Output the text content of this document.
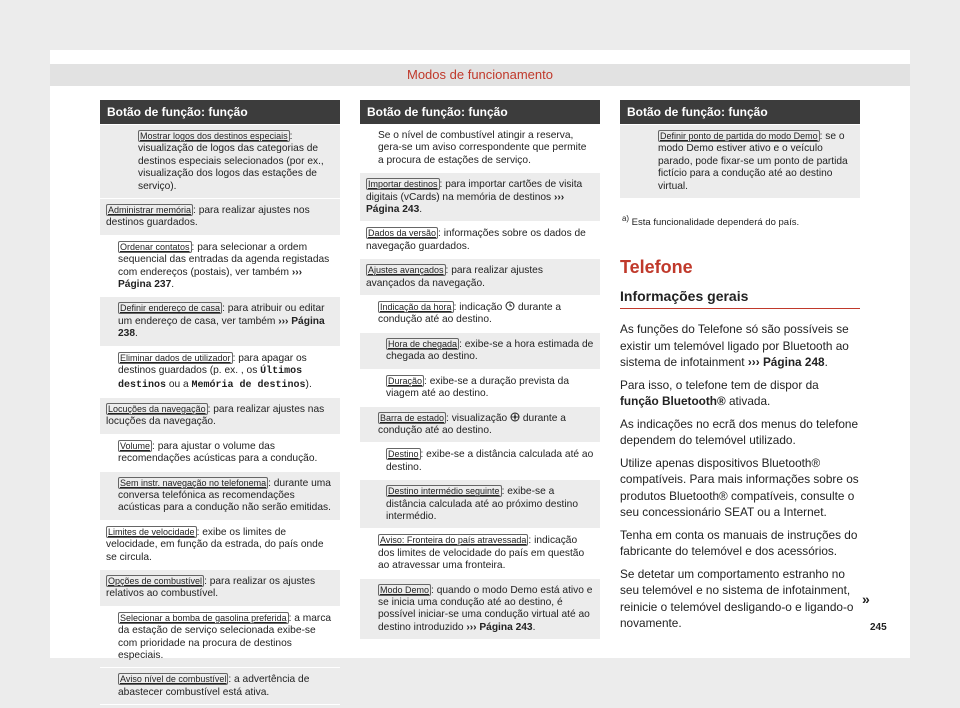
Modos de funcionamento
Botão de função: função
Mostrar logos dos destinos especiais : visualização de logos das categorias de destinos especiais selecionados (por ex., visualização dos logos das estações de serviço).
Administrar memória : para realizar ajustes nos destinos guardados.
Ordenar contatos : para selecionar a ordem sequencial das entradas da agenda registadas com endereços (postais), ver também ››› Página 237.
Definir endereço de casa : para atribuir ou editar um endereço de casa, ver também ››› Página 238.
Eliminar dados de utilizador : para apagar os destinos guardados (p. ex. , os Últimos destinos ou a Memória de destinos).
Locuções da navegação : para realizar ajustes nas locuções da navegação.
Volume : para ajustar o volume das recomendações acústicas para a condução.
Sem instr. navegação no telefonema : durante uma conversa telefónica as recomendações acústicas para a condução não serão emitidas.
Limites de velocidade : exibe os limites de velocidade, em função da estrada, do país onde se circula.
Opções de combustível : para realizar os ajustes relativos ao combustível.
Selecionar a bomba de gasolina preferida : a marca da estação de serviço selecionada exibe-se com prioridade na procura de destinos especiais.
Aviso nível de combustível : a advertência de abastecer combustível está ativa.
Botão de função: função
Se o nível de combustível atingir a reserva, gera-se um aviso correspondente que permite a procura de estações de serviço.
Importar destinos : para importar cartões de visita digitais (vCards) na memória de destinos ››› Página 243.
Dados da versão : informações sobre os dados de navegação guardados.
Ajustes avançados : para realizar ajustes avançados da navegação.
Indicação da hora : indicação  durante a condução até ao destino.
Hora de chegada : exibe-se a hora estimada de chegada ao destino.
Duração : exibe-se a duração prevista da viagem até ao destino.
Barra de estado : visualização  durante a condução até ao destino.
Destino : exibe-se a distância calculada até ao destino.
Destino intermédio seguinte : exibe-se a distância calculada até ao próximo destino intermédio.
Aviso: Fronteira do país atravessada : indicação dos limites de velocidade do país em questão ao atravessar uma fronteira.
Modo Demo : quando o modo Demo está ativo e se inicia uma condução até ao destino, é possível iniciar-se uma condução virtual até ao destino introduzido ››› Página 243.
Botão de função: função
Definir ponto de partida do modo Demo : se o modo Demo estiver ativo e o veículo parado, pode fixar-se um ponto de partida fictício para a condução até ao destino virtual.

$^{a)}$ Esta funcionalidade dependerá do país.

Telefone
Informações gerais

As funções do Telefone só são possíveis se existir um telemóvel ligado por Bluetooth ao sistema de infotainment ››› Página 248.

Para isso, o telefone tem de dispor da função Bluetooth® ativada.

As indicações no ecrã dos menus do telefone dependem do telemóvel utilizado.

Utilize apenas dispositivos Bluetooth® compatíveis. Para mais informações sobre os produtos Bluetooth® compatíveis, consulte o seu concessionário SEAT ou a Internet.

Tenha em conta os manuais de instruções do fabricante do telemóvel e dos acessórios.

Se detetar um comportamento estranho no seu telemóvel e no sistema de infotainment, reinicie o telemóvel desligando-o e ligando-o novamente.

»
245
